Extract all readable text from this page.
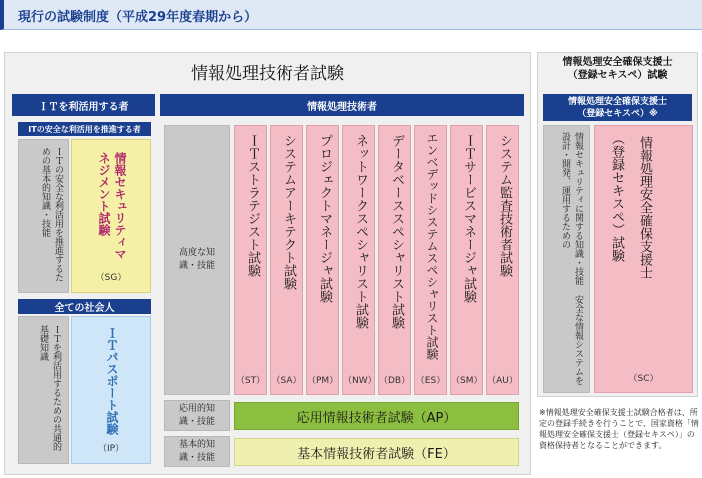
現行の試験制度（平成29年度春期から）
情報処理技術者試験
ＩＴを利活用する者
ITの安全な利活用を推進する者
ＩＴの安全な利活用を推進するための基本的知識・技能	情報セキュリティマネジメント試験
（SG）
全ての社会人
ＩＴを利活用するための共通的基礎知識	ＩＴパスポート試験
（IP）
情報処理技術者
高度な知識・技能
応用的知識・技能
基本的知識・技能
ＩＴストラテジスト試験
（ST）
システムアーキテクト試験
（SA）
プロジェクトマネージャ試験
（PM）
ネットワークスペシャリスト試験
（NW）
データベーススペシャリスト試験
（DB）
エンベデッドシステムスペシャリスト試験
（ES）
ＩＴサービスマネージャ試験
（SM）
システム監査技術者試験
（AU）
応用情報技術者試験（AP）
基本情報技術者試験（FE）
情報処理安全確保支援士
（登録セキスペ）試験
情報処理安全確保支援士
（登録セキスペ）※
情報セキュリティに関する知識・技能 安全な情報システムを設計・開発、運用するための	情報処理安全確保支援士
（登録セキスペ）試験
（SC）
※情報処理安全確保支援士試験合格者は、所定の登録手続きを行うことで、国家資格「情報処理安全確保支援士（登録セキスペ）」の資格保持者となることができます。
